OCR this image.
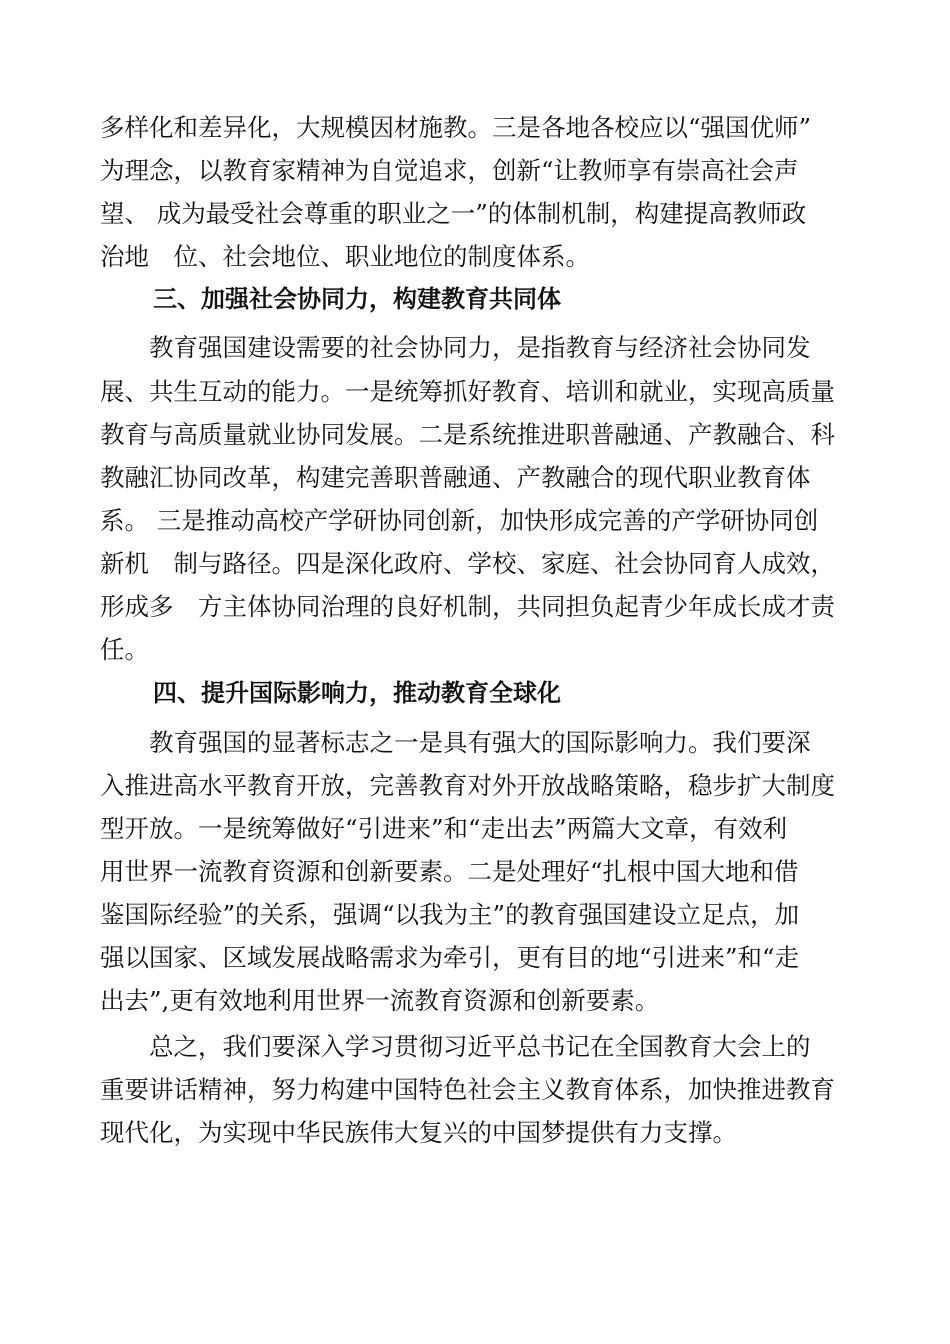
多样化和差异化，大规模因材施教。三是各地各校应以“强国优师”

为理念，以教育家精神为自觉追求，创新“让教师享有崇高社会声

望、 成为最受社会尊重的职业之一”的体制机制，构建提高教师政

治地　位、社会地位、职业地位的制度体系。

三、加强社会协同力，构建教育共同体

　　教育强国建设需要的社会协同力，是指教育与经济社会协同发

展、共生互动的能力。一是统筹抓好教育、培训和就业，实现高质量

教育与高质量就业协同发展。二是系统推进职普融通、产教融合、科

教融汇协同改革，构建完善职普融通、产教融合的现代职业教育体

系。 三是推动高校产学研协同创新，加快形成完善的产学研协同创

新机　制与路径。四是深化政府、学校、家庭、社会协同育人成效，

形成多　方主体协同治理的良好机制，共同担负起青少年成长成才责

任。

四、提升国际影响力，推动教育全球化

　　教育强国的显著标志之一是具有强大的国际影响力。我们要深

入推进高水平教育开放，完善教育对外开放战略策略，稳步扩大制度

型开放。一是统筹做好“引进来”和“走出去”两篇大文章，有效利

用世界一流教育资源和创新要素。二是处理好“扎根中国大地和借

鉴国际经验”的关系，强调“以我为主”的教育强国建设立足点，加

强以国家、区域发展战略需求为牵引，更有目的地“引进来”和“走

出去”,更有效地利用世界一流教育资源和创新要素。

　　总之，我们要深入学习贯彻习近平总书记在全国教育大会上的

重要讲话精神，努力构建中国特色社会主义教育体系，加快推进教育

现代化，为实现中华民族伟大复兴的中国梦提供有力支撑。
